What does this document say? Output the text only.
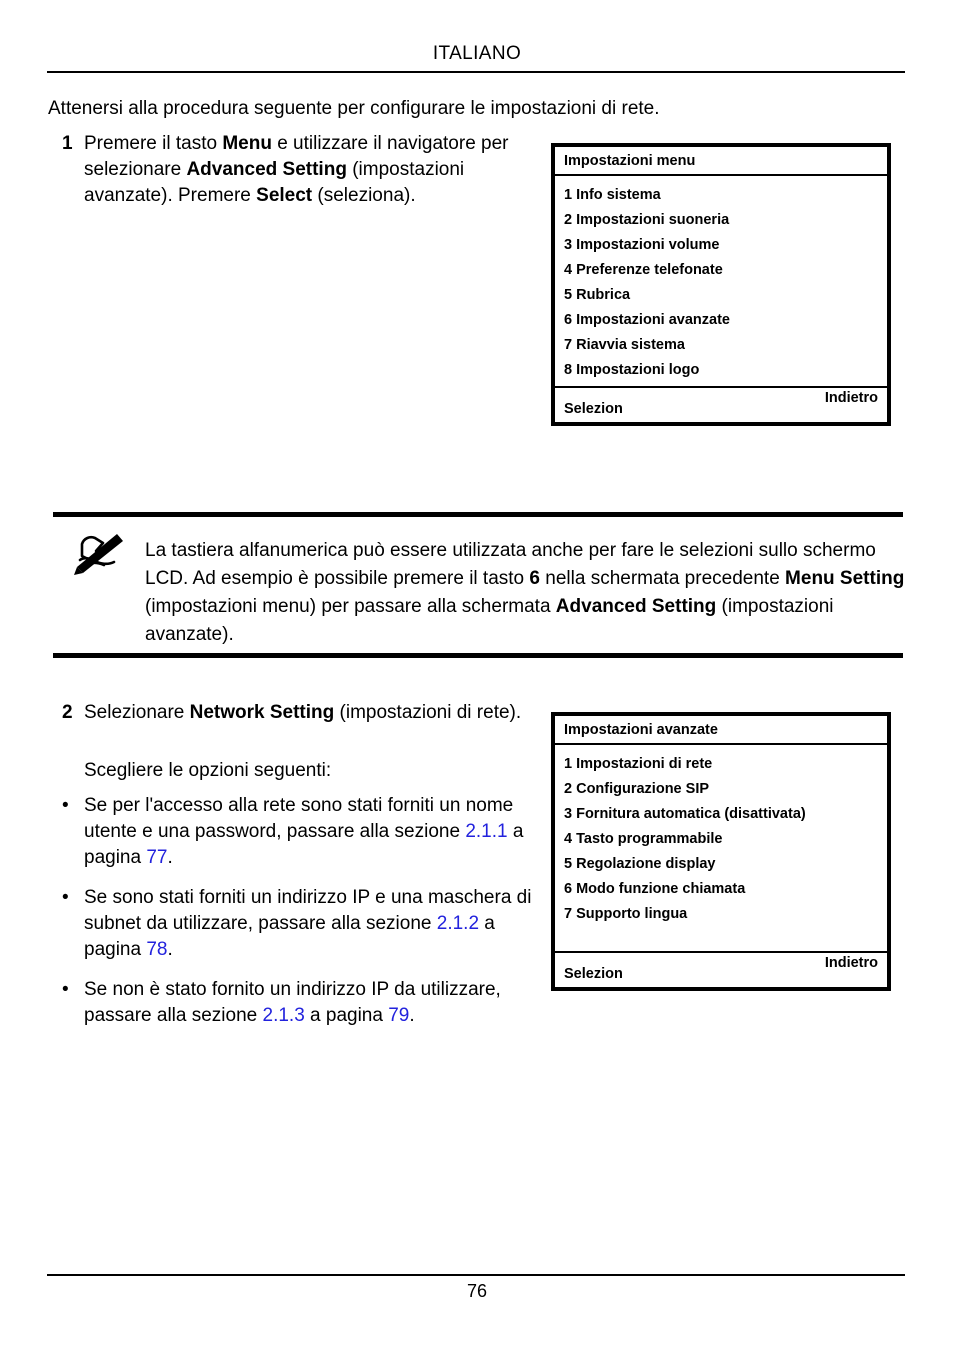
ITALIANO
Attenersi alla procedura seguente per configurare le impostazioni di rete.
1 Premere il tasto Menu e utilizzare il navigatore per selezionare Advanced Setting (impostazioni avanzate). Premere Select (seleziona).
Impostazioni menu
1 Info sistema
2 Impostazioni suoneria
3 Impostazioni volume
4 Preferenze telefonate
5 Rubrica
6 Impostazioni avanzate
7 Riavvia sistema
8 Impostazioni logo
Selezion
Indietro
La tastiera alfanumerica può essere utilizzata anche per fare le selezioni sullo schermo LCD. Ad esempio è possibile premere il tasto 6 nella schermata precedente Menu Setting (impostazioni menu) per passare alla schermata Advanced Setting (impostazioni avanzate).
2 Selezionare Network Setting (impostazioni di rete).
Scegliere le opzioni seguenti:
• Se per l'accesso alla rete sono stati forniti un nome utente e una password, passare alla sezione 2.1.1 a pagina 77.
• Se sono stati forniti un indirizzo IP e una maschera di subnet da utilizzare, passare alla sezione 2.1.2 a pagina 78.
• Se non è stato fornito un indirizzo IP da utilizzare, passare alla sezione 2.1.3 a pagina 79.
Impostazioni avanzate
1 Impostazioni di rete
2 Configurazione SIP
3 Fornitura automatica (disattivata)
4 Tasto programmabile
5 Regolazione display
6 Modo funzione chiamata
7 Supporto lingua
Selezion
Indietro
76
